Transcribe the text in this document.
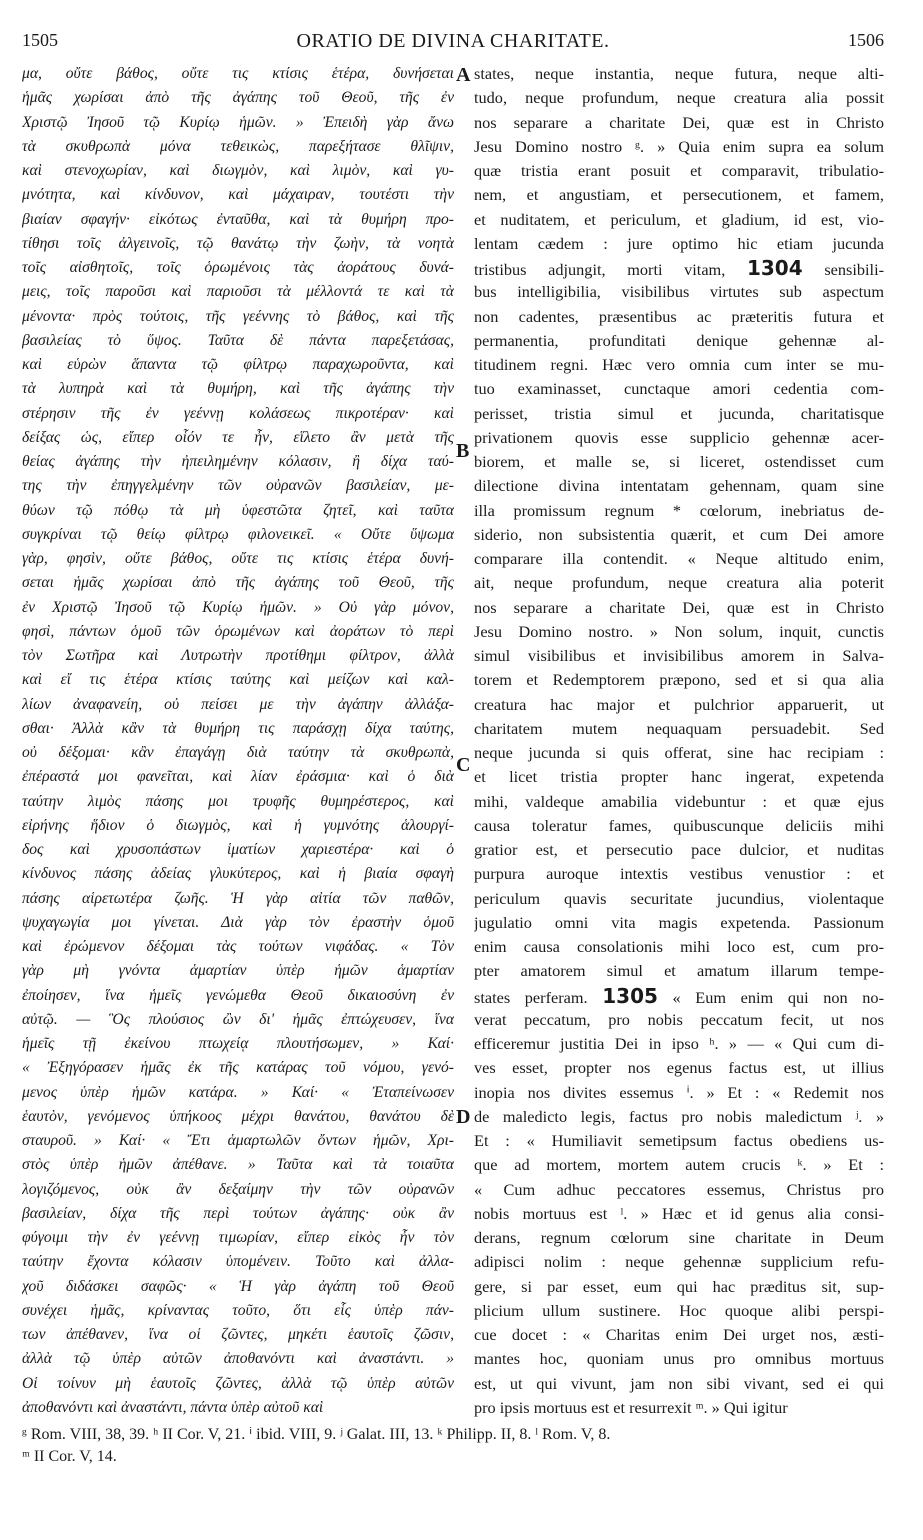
1505	ORATIO DE DIVINA CHARITATE.	1506
μα, οὔτε βάθος, οὔτε τις κτίσις ἑτέρα, δυνήσεται
ἡμᾶς χωρίσαι ἀπὸ τῆς ἀγάπης τοῦ Θεοῦ, τῆς ἐν
Χριστῷ Ἰησοῦ τῷ Κυρίῳ ἡμῶν. » Ἐπειδὴ γὰρ ἄνω
τὰ σκυθρωπὰ μόνα τεθεικὼς, παρεξήτασε θλῖψιν,
καὶ στενοχωρίαν, καὶ διωγμὸν, καὶ λιμὸν, καὶ γυ-
μνότητα, καὶ κίνδυνον, καὶ μάχαιραν, τουτέστι τὴν
βιαίαν σφαγήν· εἰκότως ἐνταῦθα, καὶ τὰ θυμήρη προ-
τίθησι τοῖς ἀλγεινοῖς, τῷ θανάτῳ τὴν ζωὴν, τὰ νοητὰ
τοῖς αἰσθητοῖς, τοῖς ὁρωμένοις τὰς ἀοράτους δυνά-
μεις, τοῖς παροῦσι καὶ παριοῦσι τὰ μέλλοντά τε καὶ τὰ
μένοντα· πρὸς τούτοις, τῆς γεέννης τὸ βάθος, καὶ τῆς
βασιλείας τὸ ὕψος. Ταῦτα δὲ πάντα παρεξετάσας,
καὶ εὑρὼν ἅπαντα τῷ φίλτρῳ παραχωροῦντα, καὶ
τὰ λυπηρὰ καὶ τὰ θυμήρη, καὶ τῆς ἀγάπης τὴν
στέρησιν τῆς ἐν γεέννῃ κολάσεως πικροτέραν· καὶ
δείξας ὡς, εἴπερ οἷόν τε ἦν, εἵλετο ἂν μετὰ τῆς
θείας ἀγάπης τὴν ἠπειλημένην κόλασιν, ἢ δίχα ταύ-
της τὴν ἐπηγγελμένην τῶν οὐρανῶν βασιλείαν, με-
θύων τῷ πόθῳ τὰ μὴ ὑφεστῶτα ζητεῖ, καὶ ταῦτα
συγκρίναι τῷ θείῳ φίλτρῳ φιλονεικεῖ. « Οὔτε ὕψωμα
γὰρ, φησὶν, οὔτε βάθος, οὔτε τις κτίσις ἑτέρα δυνή-
σεται ἡμᾶς χωρίσαι ἀπὸ τῆς ἀγάπης τοῦ Θεοῦ, τῆς
ἐν Χριστῷ Ἰησοῦ τῷ Κυρίῳ ἡμῶν. » Οὐ γὰρ μόνον,
φησὶ, πάντων ὁμοῦ τῶν ὁρωμένων καὶ ἀοράτων τὸ περὶ
τὸν Σωτῆρα καὶ Λυτρωτὴν προτίθημι φίλτρον, ἀλλὰ
καὶ εἴ τις ἑτέρα κτίσις ταύτης καὶ μείζων καὶ καλ-
λίων ἀναφανείη, οὐ πείσει με τὴν ἀγάπην ἀλλάξα-
σθαι· Ἀλλὰ κἂν τὰ θυμήρη τις παράσχῃ δίχα ταύτης,
οὐ δέξομαι· κἂν ἐπαγάγῃ διὰ ταύτην τὰ σκυθρωπὰ,
ἐπέραστά μοι φανεῖται, καὶ λίαν ἐράσμια· καὶ ὁ διὰ
ταύτην λιμὸς πάσης μοι τρυφῆς θυμηρέστερος, καὶ
εἰρήνης ἥδιον ὁ διωγμὸς, καὶ ἡ γυμνότης ἁλουργί-
δος καὶ χρυσοπάστων ἱματίων χαριεστέρα· καὶ ὁ
κίνδυνος πάσης ἀδείας γλυκύτερος, καὶ ἡ βιαία σφαγὴ
πάσης αἱρετωτέρα ζωῆς. Ἡ γὰρ αἰτία τῶν παθῶν,
ψυχαγωγία μοι γίνεται. Διὰ γὰρ τὸν ἐραστὴν ὁμοῦ
καὶ ἐρώμενον δέξομαι τὰς τούτων νιφάδας. « Τὸν
γὰρ μὴ γνόντα ἁμαρτίαν ὑπὲρ ἡμῶν ἁμαρτίαν
ἐποίησεν, ἵνα ἡμεῖς γενώμεθα Θεοῦ δικαιοσύνη ἐν
αὐτῷ. — Ὃς πλούσιος ὢν δι' ἡμᾶς ἐπτώχευσεν, ἵνα
ἡμεῖς τῇ ἐκείνου πτωχείᾳ πλουτήσωμεν, » Καί·
« Ἐξηγόρασεν ἡμᾶς ἐκ τῆς κατάρας τοῦ νόμου, γενό-
μενος ὑπὲρ ἡμῶν κατάρα. » Καί· « Ἐταπείνωσεν
ἑαυτὸν, γενόμενος ὑπήκοος μέχρι θανάτου, θανάτου δὲ
σταυροῦ. » Καί· « Ἔτι ἁμαρτωλῶν ὄντων ἡμῶν, Χρι-
στὸς ὑπὲρ ἡμῶν ἀπέθανε. » Ταῦτα καὶ τὰ τοιαῦτα
λογιζόμενος, οὐκ ἂν δεξαίμην τὴν τῶν οὐρανῶν
βασιλείαν, δίχα τῆς περὶ τούτων ἀγάπης· οὐκ ἂν
φύγοιμι τὴν ἐν γεέννῃ τιμωρίαν, εἴπερ εἰκὸς ἦν τὸν
ταύτην ἔχοντα κόλασιν ὑπομένειν. Τοῦτο καὶ ἀλλα-
χοῦ διδάσκει σαφῶς· « Ἡ γὰρ ἀγάπη τοῦ Θεοῦ
συνέχει ἡμᾶς, κρίναντας τοῦτο, ὅτι εἷς ὑπὲρ πάν-
των ἀπέθανεν, ἵνα οἱ ζῶντες, μηκέτι ἑαυτοῖς ζῶσιν,
ἀλλὰ τῷ ὑπὲρ αὐτῶν ἀποθανόντι καὶ ἀναστάντι. »
Οἱ τοίνυν μὴ ἑαυτοῖς ζῶντες, ἀλλὰ τῷ ὑπὲρ αὐτῶν
ἀποθανόντι καὶ ἀναστάντι, πάντα ὑπὲρ αὐτοῦ καὶ
states, neque instantia, neque futura, neque alti-
tudo, neque profundum, neque creatura alia possit
nos separare a charitate Dei, quæ est in Christo
Jesu Domino nostro ᵍ. » Quia enim supra ea solum
quæ tristia erant posuit et comparavit, tribulatio-
nem, et angustiam, et persecutionem, et famem,
et nuditatem, et periculum, et gladium, id est, vio-
lentam cædem : jure optimo hic etiam jucunda
tristibus adjungit, morti vitam, 1304 sensibili-
bus intelligibilia, visibilibus virtutes sub aspectum
non cadentes, præsentibus ac præteritis futura et
permanentia, profunditati denique gehennæ al-
titudinem regni. Hæc vero omnia cum inter se mu-
tuo examinasset, cunctaque amori cedentia com-
perisset, tristia simul et jucunda, charitatisque
privationem quovis esse supplicio gehennæ acer-
biorem, et malle se, si liceret, ostendisset cum
dilectione divina intentatam gehennam, quam sine
illa promissum regnum * cœlorum, inebriatus de-
siderio, non subsistentia quærit, et cum Dei amore
comparare illa contendit. « Neque altitudo enim,
ait, neque profundum, neque creatura alia poterit
nos separare a charitate Dei, quæ est in Christo
Jesu Domino nostro. » Non solum, inquit, cunctis
simul visibilibus et invisibilibus amorem in Salva-
torem et Redemptorem præpono, sed et si qua alia
creatura hac major et pulchrior apparuerit, ut
charitatem mutem nequaquam persuadebit. Sed
neque jucunda si quis offerat, sine hac recipiam :
et licet tristia propter hanc ingerat, expetenda
mihi, valdeque amabilia videbuntur : et quæ ejus
causa toleratur fames, quibuscunque deliciis mihi
gratior est, et persecutio pace dulcior, et nuditas
purpura auroque intextis vestibus venustior : et
periculum quavis securitate jucundius, violentaque
jugulatio omni vita magis expetenda. Passionum
enim causa consolationis mihi loco est, cum pro-
pter amatorem simul et amatum illarum tempe-
states perferam. 1305 « Eum enim qui non no-
verat peccatum, pro nobis peccatum fecit, ut nos
efficeremur justitia Dei in ipso ʰ. » — « Qui cum di-
ves esset, propter nos egenus factus est, ut illius
inopia nos divites essemus ⁱ. » Et : « Redemit nos
de maledicto legis, factus pro nobis maledictum ʲ. »
Et : « Humiliavit semetipsum factus obediens us-
que ad mortem, mortem autem crucis ᵏ. » Et :
« Cum adhuc peccatores essemus, Christus pro
nobis mortuus est ˡ. » Hæc et id genus alia consi-
derans, regnum cœlorum sine charitate in Deum
adipisci nolim : neque gehennæ supplicium refu-
gere, si par esset, eum qui hac præditus sit, sup-
plicium ullum sustinere. Hoc quoque alibi perspi-
cue docet : « Charitas enim Dei urget nos, æsti-
mantes hoc, quoniam unus pro omnibus mortuus
est, ut qui vivunt, jam non sibi vivant, sed ei qui
pro ipsis mortuus est et resurrexit ᵐ. » Qui igitur
A
B
C
D
ᵍ Rom. VIII, 38, 39. ʰ II Cor. V, 21. ⁱ ibid. VIII, 9. ʲ Galat. III, 13. ᵏ Philipp. II, 8. ˡ Rom. V, 8.
ᵐ II Cor. V, 14.
